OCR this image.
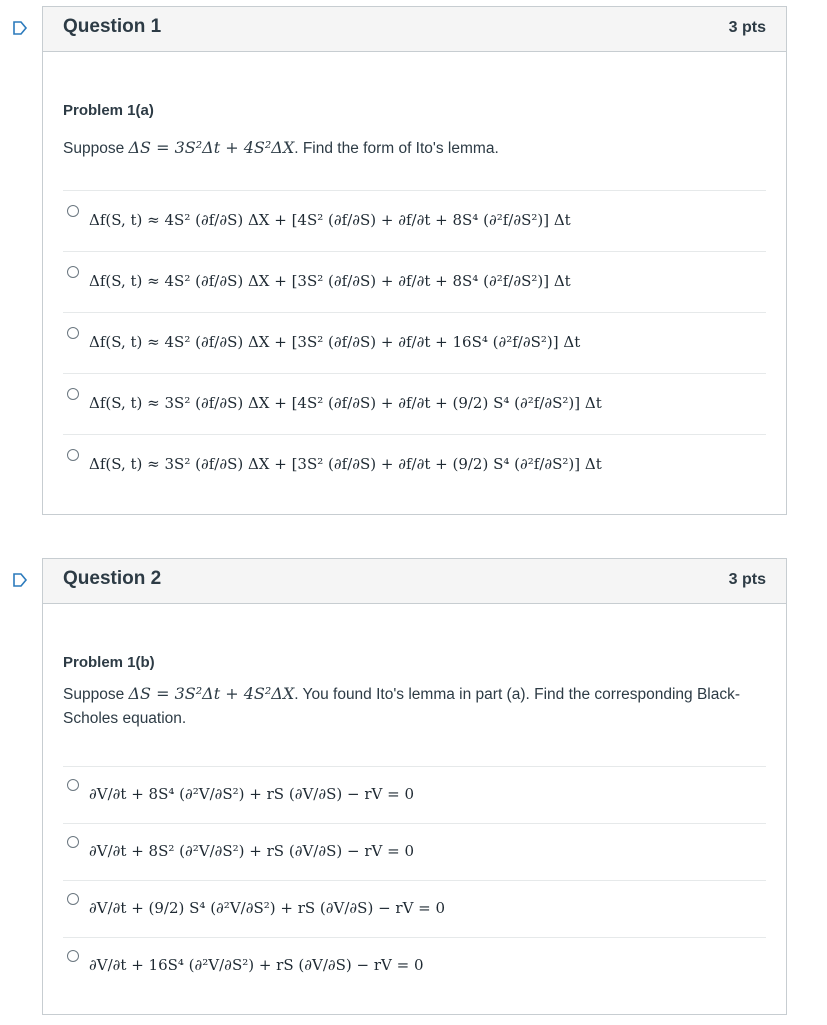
Question 1	3 pts
Problem 1(a)
Suppose ΔS = 3S²Δt + 4S²ΔX. Find the form of Ito's lemma.
Δf(S, t) ≈ 4S² (∂f/∂S) ΔX + [4S² (∂f/∂S) + ∂f/∂t + 8S⁴ (∂²f/∂S²)] Δt
Δf(S, t) ≈ 4S² (∂f/∂S) ΔX + [3S² (∂f/∂S) + ∂f/∂t + 8S⁴ (∂²f/∂S²)] Δt
Δf(S, t) ≈ 4S² (∂f/∂S) ΔX + [3S² (∂f/∂S) + ∂f/∂t + 16S⁴ (∂²f/∂S²)] Δt
Δf(S, t) ≈ 3S² (∂f/∂S) ΔX + [4S² (∂f/∂S) + ∂f/∂t + (9/2) S⁴ (∂²f/∂S²)] Δt
Δf(S, t) ≈ 3S² (∂f/∂S) ΔX + [3S² (∂f/∂S) + ∂f/∂t + (9/2) S⁴ (∂²f/∂S²)] Δt
Question 2	3 pts
Problem 1(b)
Suppose ΔS = 3S²Δt + 4S²ΔX. You found Ito's lemma in part (a). Find the corresponding Black-Scholes equation.
∂V/∂t + 8S⁴ (∂²V/∂S²) + rS (∂V/∂S) − rV = 0
∂V/∂t + 8S² (∂²V/∂S²) + rS (∂V/∂S) − rV = 0
∂V/∂t + (9/2) S⁴ (∂²V/∂S²) + rS (∂V/∂S) − rV = 0
∂V/∂t + 16S⁴ (∂²V/∂S²) + rS (∂V/∂S) − rV = 0
